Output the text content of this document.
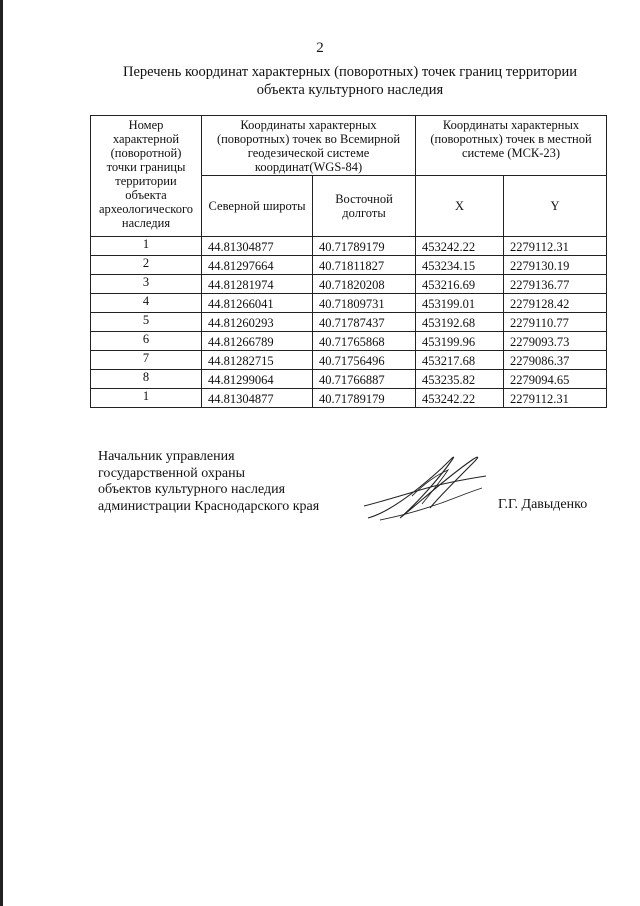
2
Перечень координат характерных (поворотных) точек границ территории
объекта культурного наследия
Номер характерной (поворотной) точки границы территории объекта археологического наследия	Координаты характерных (поворотных) точек во Всемирной геодезической системе координат(WGS-84)		Координаты характерных (поворотных) точек в местной системе (МСК-23)	
	Северной широты	Восточной долготы	X	Y
1	44.81304877	40.71789179	453242.22	2279112.31
2	44.81297664	40.71811827	453234.15	2279130.19
3	44.81281974	40.71820208	453216.69	2279136.77
4	44.81266041	40.71809731	453199.01	2279128.42
5	44.81260293	40.71787437	453192.68	2279110.77
6	44.81266789	40.71765868	453199.96	2279093.73
7	44.81282715	40.71756496	453217.68	2279086.37
8	44.81299064	40.71766887	453235.82	2279094.65
1	44.81304877	40.71789179	453242.22	2279112.31
Начальник управления
государственной охраны
объектов культурного наследия
администрации Краснодарского края	Г.Г. Давыденко
